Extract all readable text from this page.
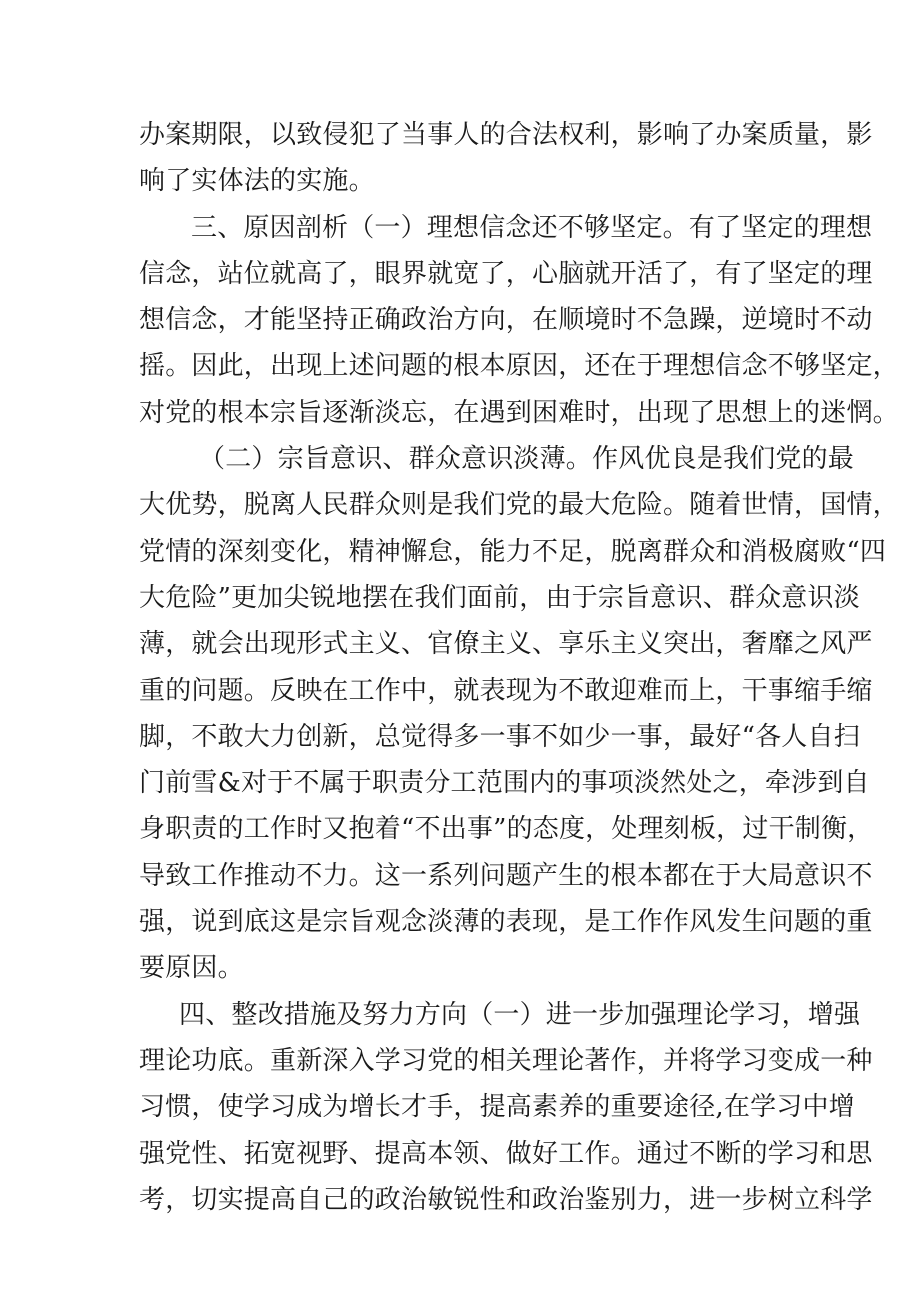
办案期限，以致侵犯了当事人的合法权利，影响了办案质量，影
响了实体法的实施。
三、原因剖析（一）理想信念还不够坚定。有了坚定的理想
信念，站位就高了，眼界就宽了，心脑就开活了，有了坚定的理
想信念，才能坚持正确政治方向，在顺境时不急躁，逆境时不动
摇。因此，出现上述问题的根本原因，还在于理想信念不够坚定，
对党的根本宗旨逐渐淡忘，在遇到困难时，出现了思想上的迷惘。
（二）宗旨意识、群众意识淡薄。作风优良是我们党的最
大优势，脱离人民群众则是我们党的最大危险。随着世情，国情，
党情的深刻变化，精神懈怠，能力不足，脱离群众和消极腐败“四
大危险”更加尖锐地摆在我们面前，由于宗旨意识、群众意识淡
薄，就会出现形式主义、官僚主义、享乐主义突出，奢靡之风严
重的问题。反映在工作中，就表现为不敢迎难而上，干事缩手缩
脚，不敢大力创新，总觉得多一事不如少一事，最好“各人自扫
门前雪&对于不属于职责分工范围内的事项淡然处之，牵涉到自
身职责的工作时又抱着“不出事”的态度，处理刻板，过干制衡，
导致工作推动不力。这一系列问题产生的根本都在于大局意识不
强，说到底这是宗旨观念淡薄的表现，是工作作风发生问题的重
要原因。
四、整改措施及努力方向（一）进一步加强理论学习，增强
理论功底。重新深入学习党的相关理论著作，并将学习变成一种
习惯，使学习成为增长才手，提高素养的重要途径,在学习中增
强党性、拓宽视野、提高本领、做好工作。通过不断的学习和思
考，切实提高自己的政治敏锐性和政治鉴别力，进一步树立科学
